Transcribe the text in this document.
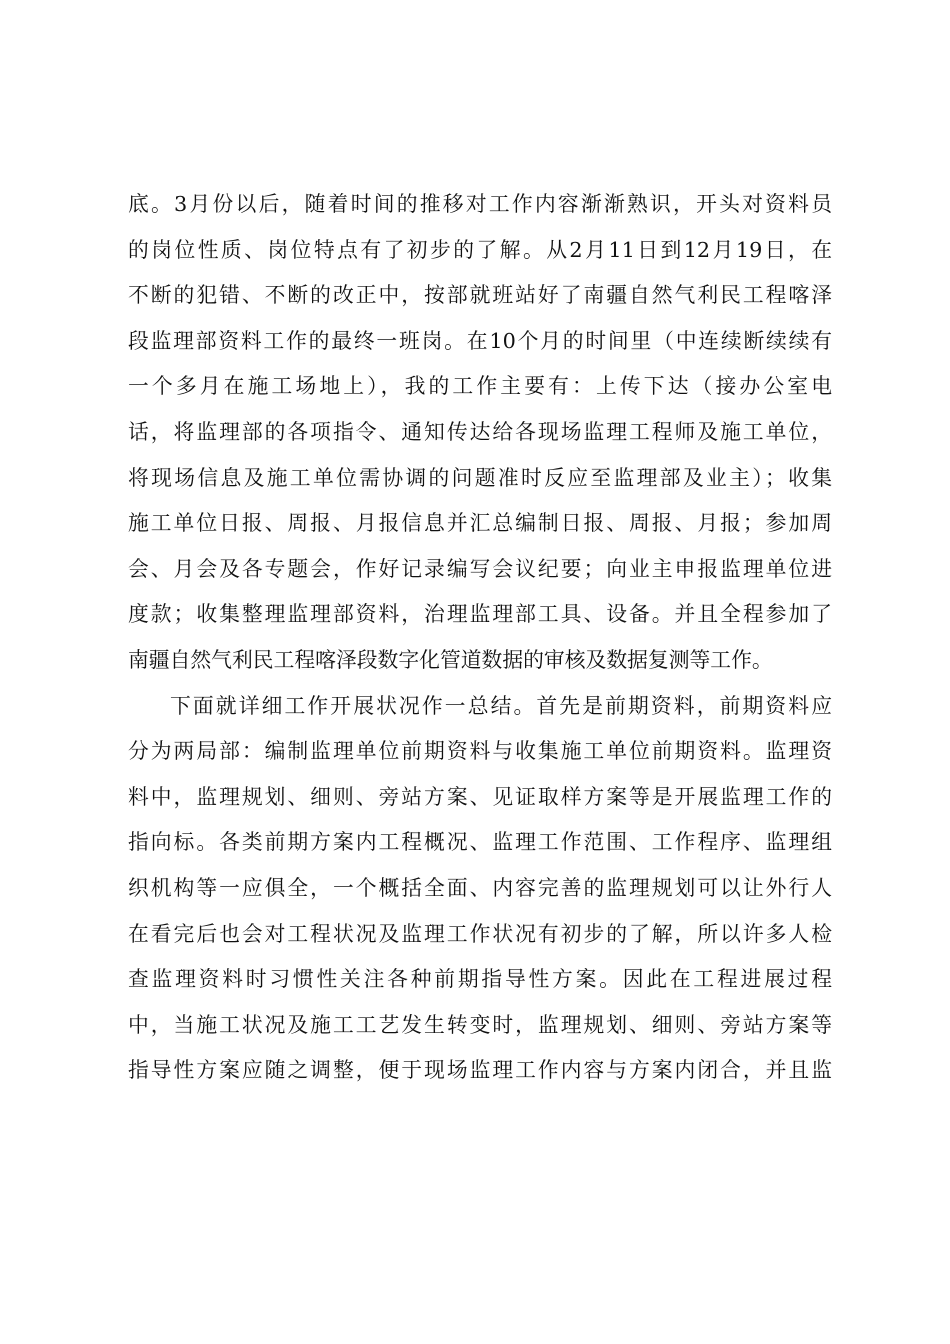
底。3月份以后，随着时间的推移对工作内容渐渐熟识，开头对资料员
的岗位性质、岗位特点有了初步的了解。从2月11日到12月19日，在
不断的犯错、不断的改正中，按部就班站好了南疆自然气利民工程喀泽
段监理部资料工作的最终一班岗。在10个月的时间里（中连续断续续有
一个多月在施工场地上），我的工作主要有：上传下达（接办公室电
话，将监理部的各项指令、通知传达给各现场监理工程师及施工单位，
将现场信息及施工单位需协调的问题准时反应至监理部及业主）；收集
施工单位日报、周报、月报信息并汇总编制日报、周报、月报；参加周
会、月会及各专题会，作好记录编写会议纪要；向业主申报监理单位进
度款；收集整理监理部资料，治理监理部工具、设备。并且全程参加了
南疆自然气利民工程喀泽段数字化管道数据的审核及数据复测等工作。
下面就详细工作开展状况作一总结。首先是前期资料，前期资料应
分为两局部：编制监理单位前期资料与收集施工单位前期资料。监理资
料中，监理规划、细则、旁站方案、见证取样方案等是开展监理工作的
指向标。各类前期方案内工程概况、监理工作范围、工作程序、监理组
织机构等一应俱全，一个概括全面、内容完善的监理规划可以让外行人
在看完后也会对工程状况及监理工作状况有初步的了解，所以许多人检
查监理资料时习惯性关注各种前期指导性方案。因此在工程进展过程
中，当施工状况及施工工艺发生转变时，监理规划、细则、旁站方案等
指导性方案应随之调整，便于现场监理工作内容与方案内闭合，并且监
